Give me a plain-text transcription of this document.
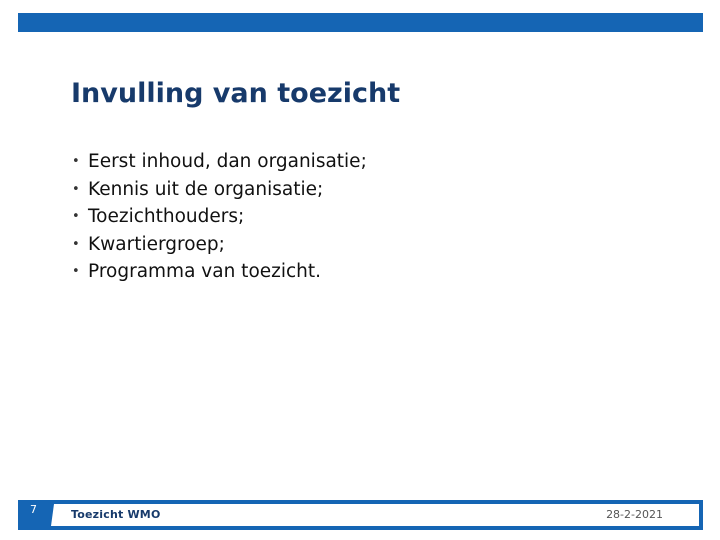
Invulling van toezicht
• Eerst inhoud, dan organisatie;
• Kennis uit de organisatie;
• Toezichthouders;
• Kwartiergroep;
• Programma van toezicht.
7	Toezicht WMO	28-2-2021
